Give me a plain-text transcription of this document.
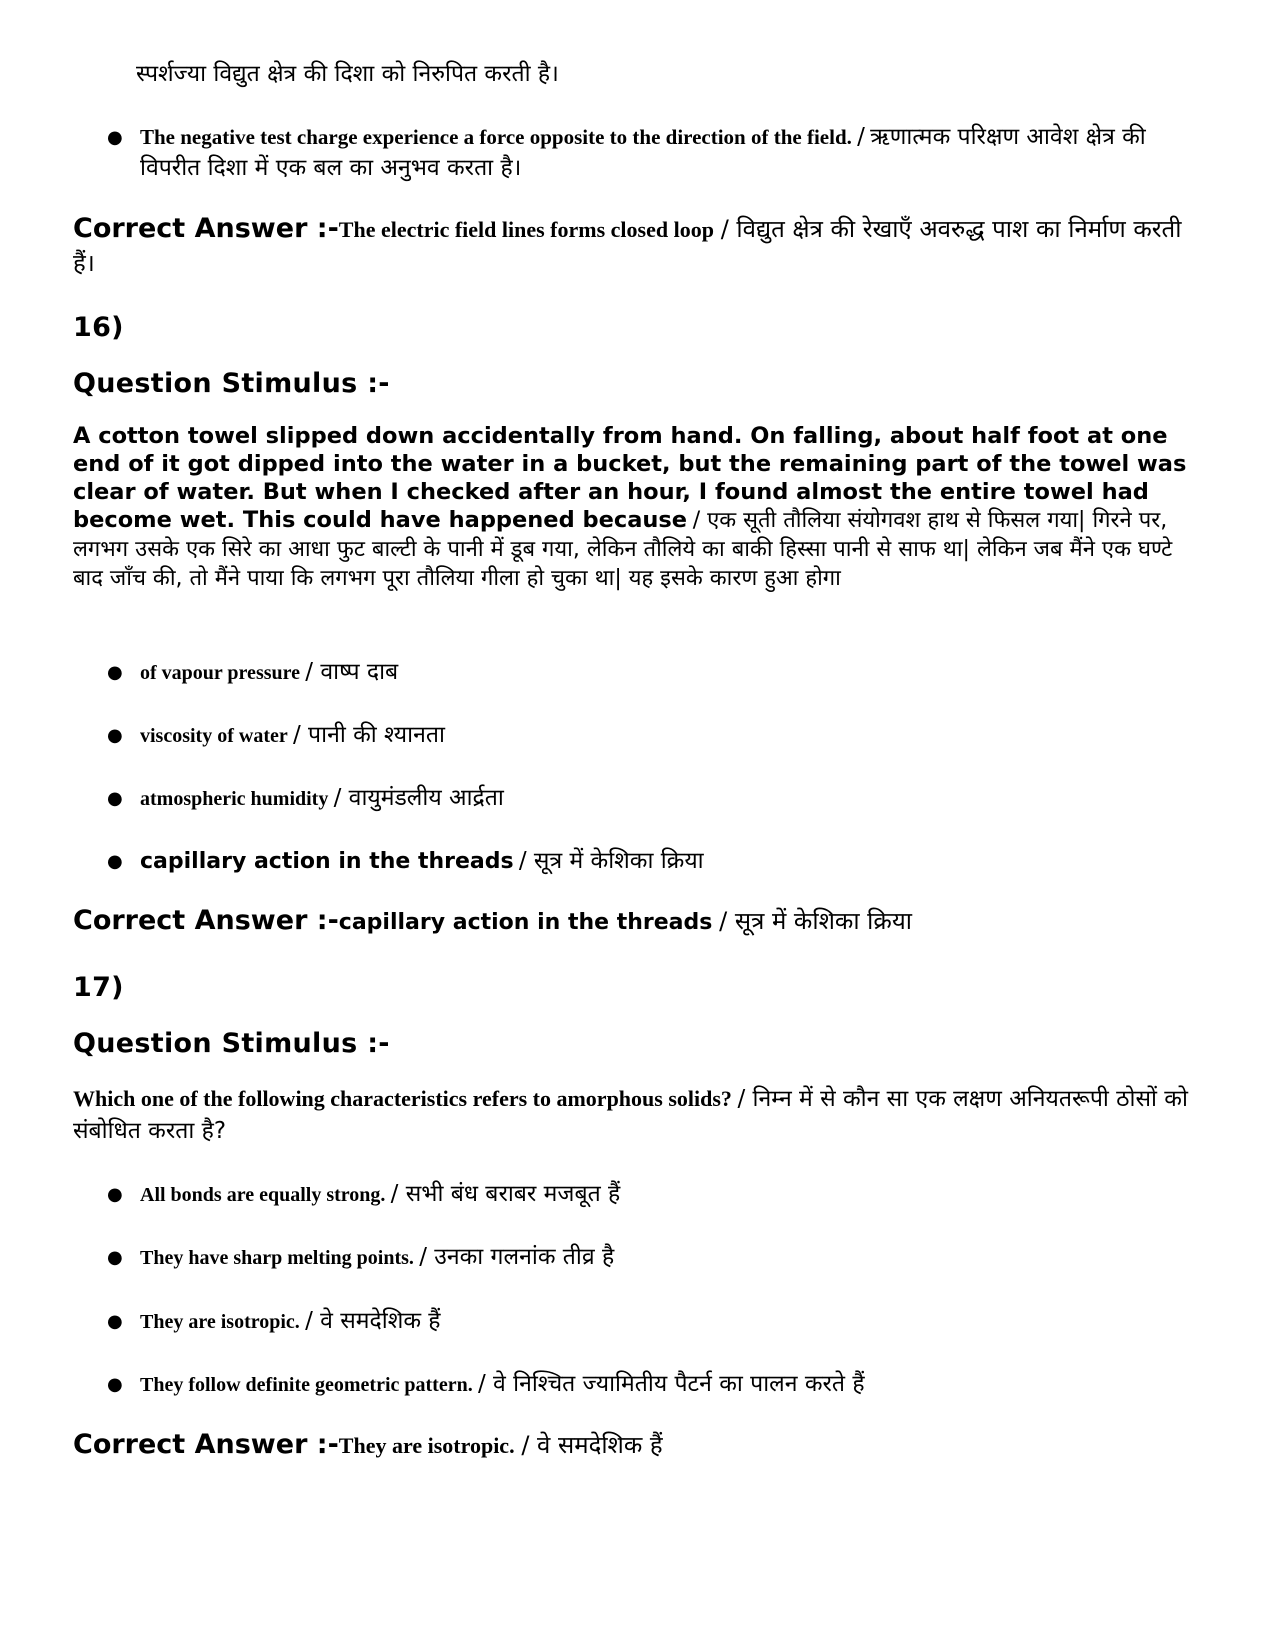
स्पर्शज्या विद्युत क्षेत्र की दिशा को निरुपित करती है।
● The negative test charge experience a force opposite to the direction of the field. / ऋणात्मक परिक्षण आवेश क्षेत्र की विपरीत दिशा में एक बल का अनुभव करता है।
Correct Answer :-The electric field lines forms closed loop / विद्युत क्षेत्र की रेखाएँ अवरुद्ध पाश का निर्माण करती हैं।
16)
Question Stimulus :-
A cotton towel slipped down accidentally from hand. On falling, about half foot at one end of it got dipped into the water in a bucket, but the remaining part of the towel was clear of water. But when I checked after an hour, I found almost the entire towel had become wet. This could have happened because / एक सूती तौलिया संयोगवश हाथ से फिसल गया| गिरने पर, लगभग उसके एक सिरे का आधा फुट बाल्टी के पानी में डूब गया, लेकिन तौलिये का बाकी हिस्सा पानी से साफ था| लेकिन जब मैंने एक घण्टे बाद जाँच की, तो मैंने पाया कि लगभग पूरा तौलिया गीला हो चुका था| यह इसके कारण हुआ होगा
● of vapour pressure / वाष्प दाब
● viscosity of water / पानी की श्यानता
● atmospheric humidity / वायुमंडलीय आर्द्रता
● capillary action in the threads / सूत्र में केशिका क्रिया
Correct Answer :-capillary action in the threads / सूत्र में केशिका क्रिया
17)
Question Stimulus :-
Which one of the following characteristics refers to amorphous solids? / निम्न में से कौन सा एक लक्षण अनियतरूपी ठोसों को संबोधित करता है?
● All bonds are equally strong. / सभी बंध बराबर मजबूत हैं
● They have sharp melting points. / उनका गलनांक तीव्र है
● They are isotropic. / वे समदेशिक हैं
● They follow definite geometric pattern. / वे निश्चित ज्यामितीय पैटर्न का पालन करते हैं
Correct Answer :-They are isotropic. / वे समदेशिक हैं
